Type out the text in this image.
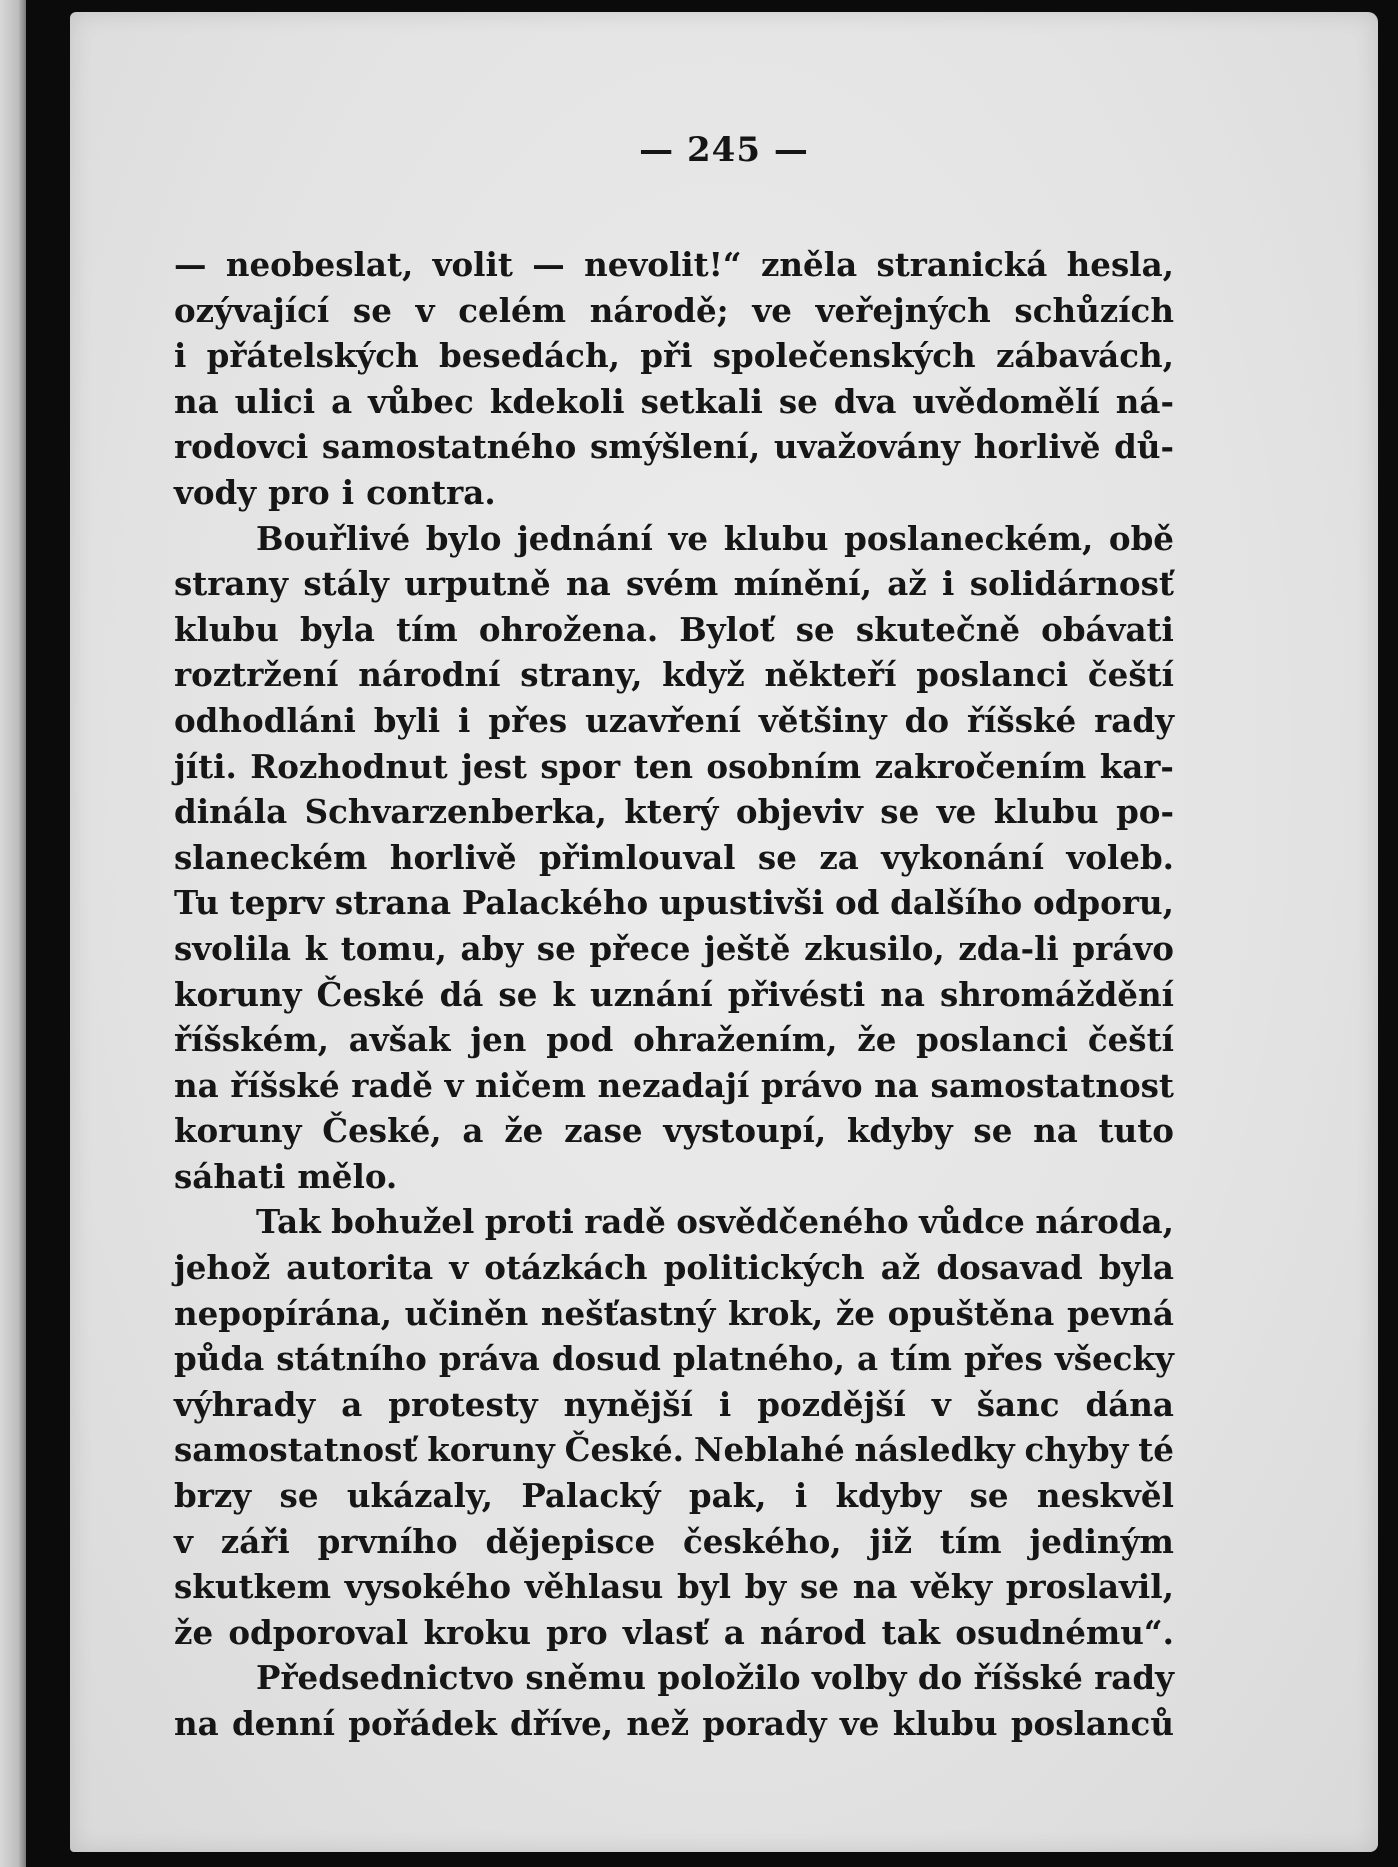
— 245 —
— neobeslat, volit — nevolit!“ zněla stranická hesla,
ozývající se v celém národě; ve veřejných schůzích
i přátelských besedách, při společenských zábavách,
na ulici a vůbec kdekoli setkali se dva uvědomělí ná-
rodovci samostatného smýšlení, uvažovány horlivě dů-
vody pro i contra.
Bouřlivé bylo jednání ve klubu poslaneckém, obě
strany stály urputně na svém mínění, až i solidárnosť
klubu byla tím ohrožena. Byloť se skutečně obávati
roztržení národní strany, když někteří poslanci čeští
odhodláni byli i přes uzavření většiny do říšské rady
jíti. Rozhodnut jest spor ten osobním zakročením kar-
dinála Schvarzenberka, který objeviv se ve klubu po-
slaneckém horlivě přimlouval se za vykonání voleb.
Tu teprv strana Palackého upustivši od dalšího odporu,
svolila k tomu, aby se přece ještě zkusilo, zda-li právo
koruny České dá se k uznání přivésti na shromáždění
říšském, avšak jen pod ohražením, že poslanci čeští
na říšské radě v ničem nezadají právo na samostatnost
koruny České, a že zase vystoupí, kdyby se na tuto
sáhati mělo.
Tak bohužel proti radě osvědčeného vůdce národa,
jehož autorita v otázkách politických až dosavad byla
nepopírána, učiněn nešťastný krok, že opuštěna pevná
půda státního práva dosud platného, a tím přes všecky
výhrady a protesty nynější i pozdější v šanc dána
samostatnosť koruny České. Neblahé následky chyby té
brzy se ukázaly, Palacký pak, i kdyby se neskvěl
v záři prvního dějepisce českého, již tím jediným
skutkem vysokého věhlasu byl by se na věky proslavil,
že odporoval kroku pro vlasť a národ tak osudnému“.
Předsednictvo sněmu položilo volby do říšské rady
na denní pořádek dříve, než porady ve klubu poslanců
